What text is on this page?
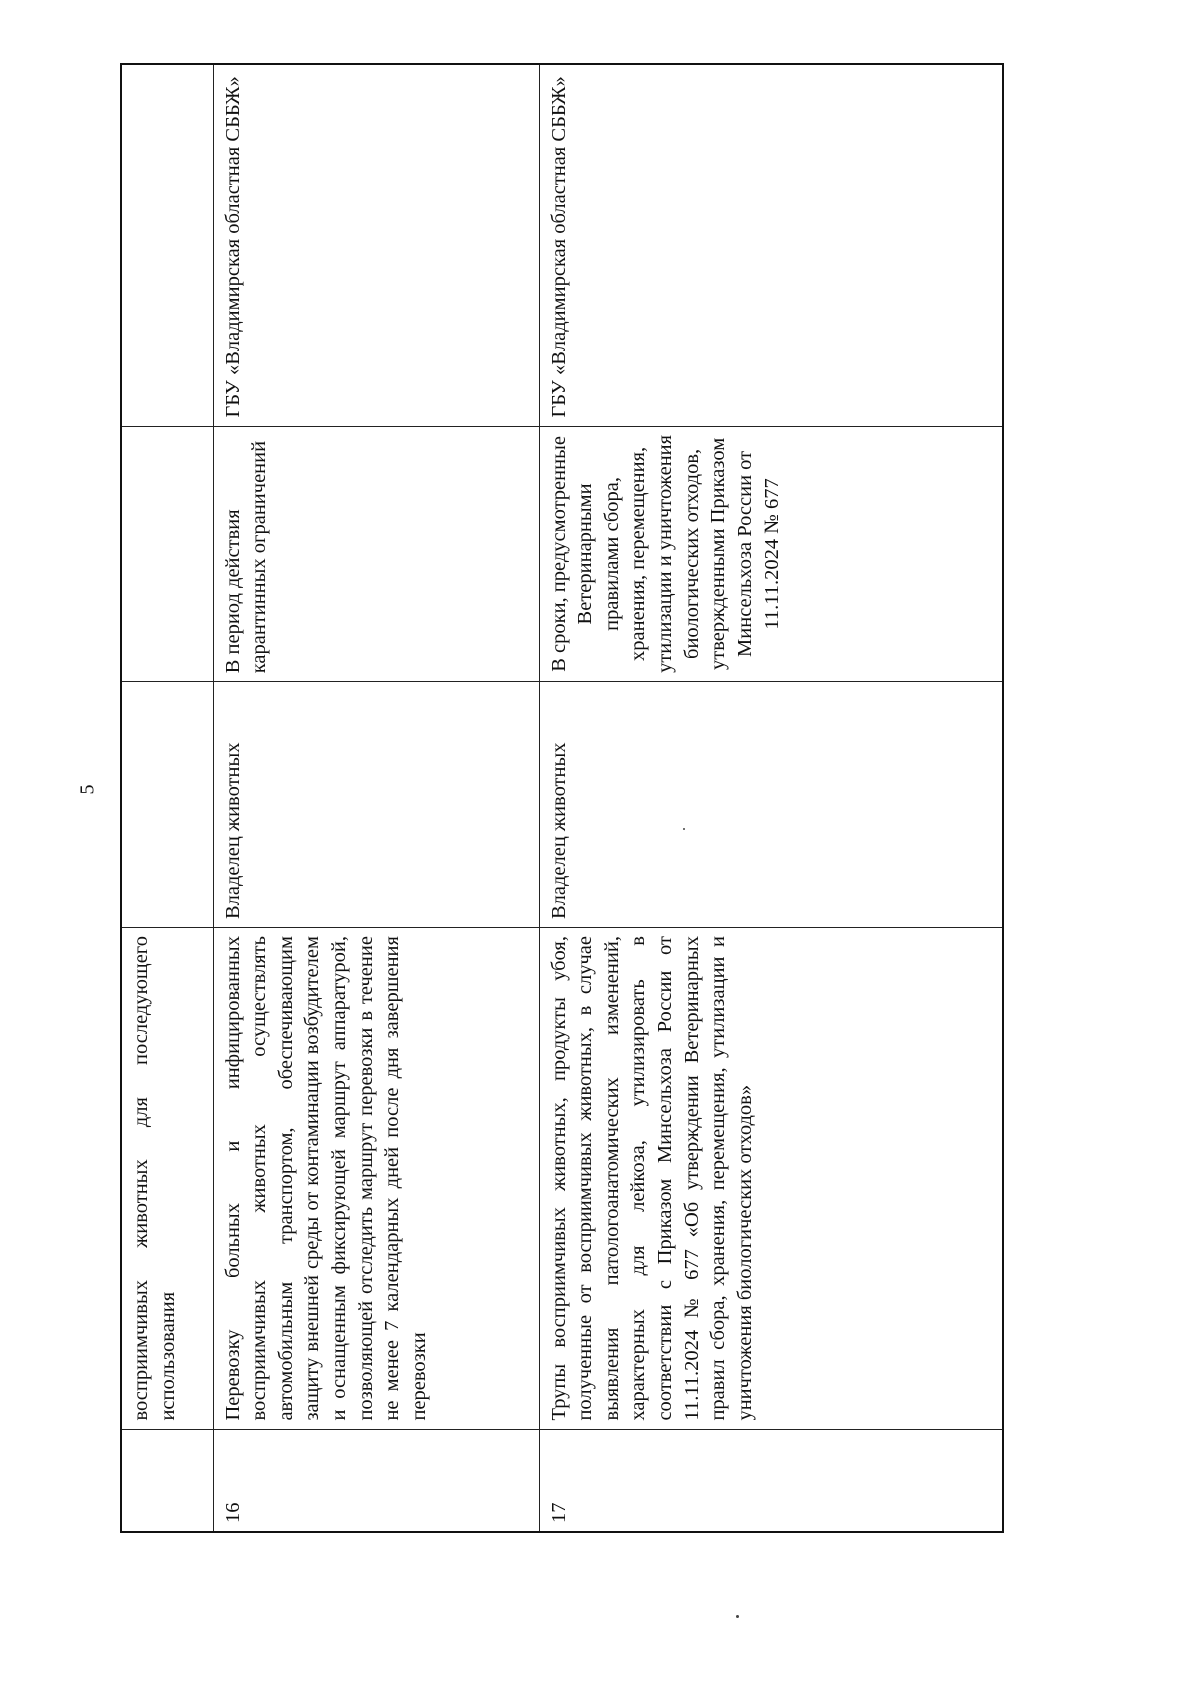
5
	восприимчивых животных для последующего использования			
16	Перевозку больных и инфицированных восприимчивых животных осуществлять автомобильным транспортом, обеспечивающим защиту внешней среды от контаминации возбудителем и оснащенным фиксирующей маршрут аппаратурой, позволяющей отследить маршрут перевозки в течение не менее 7 календарных дней после дня завершения перевозки	Владелец животных	В период действия карантинных ограничений	ГБУ «Владимирская областная СББЖ»
17	Трупы восприимчивых животных, продукты убоя, полученные от восприимчивых животных, в случае выявления патологоанатомических изменений, характерных для лейкоза, утилизировать в соответствии с Приказом Минсельхоза России от 11.11.2024 № 677 «Об утверждении Ветеринарных правил сбора, хранения, перемещения, утилизации и уничтожения биологических отходов»	Владелец животных	В сроки, предусмотренные Ветеринарными правилами сбора, хранения, перемещения, утилизации и уничтожения биологических отходов, утвержденными Приказом Минсельхоза России от 11.11.2024 № 677	ГБУ «Владимирская областная СББЖ»
